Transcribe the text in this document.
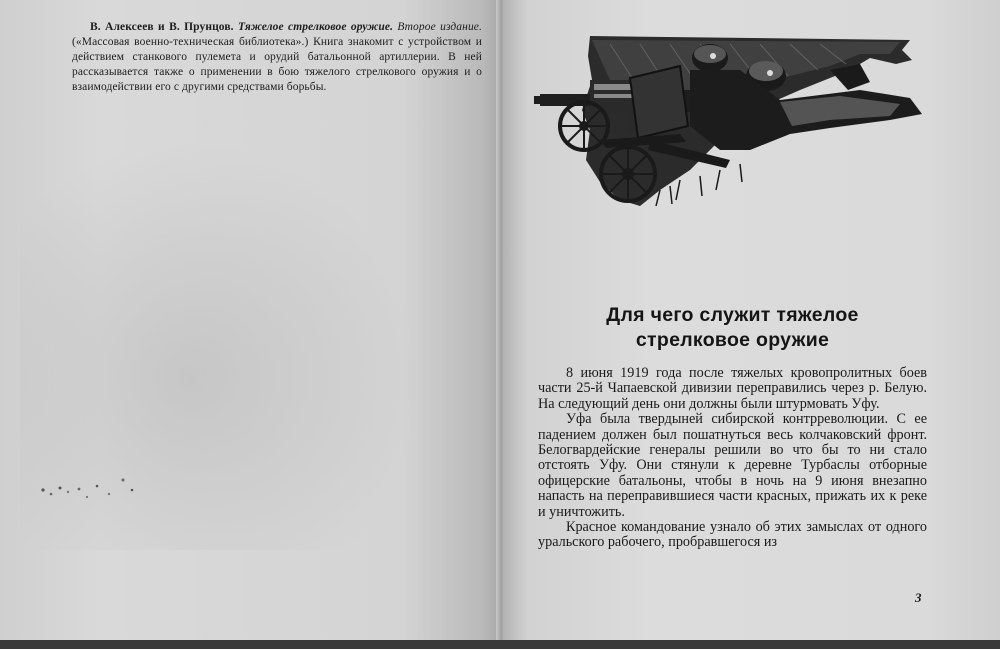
В. Алексеев и В. Прунцов. Тяжелое стрелковое оружие. Второе издание. («Массовая военно-техническая библиотека».) Книга знакомит с устройством и действием станкового пулемета и орудий батальонной артиллерии. В ней рассказывается также о применении в бою тяжелого стрелкового оружия и о взаимодействии его с другими средствами борьбы.
Для чего служит тяжелое
стрелковое оружие

8 июня 1919 года после тяжелых кровопролитных боев части 25-й Чапаевской дивизии переправились через р. Белую. На следующий день они должны были штурмовать Уфу.

Уфа была твердыней сибирской контрреволюции. С ее падением должен был пошатнуться весь колчаковский фронт. Белогвардейские генералы решили во что бы то ни стало отстоять Уфу. Они стянули к деревне Турбаслы отборные офицерские батальоны, чтобы в ночь на 9 июня внезапно напасть на переправившиеся части красных, прижать их к реке и уничтожить.

Красное командование узнало об этих замыслах от одного уральского рабочего, пробравшегося из

3
